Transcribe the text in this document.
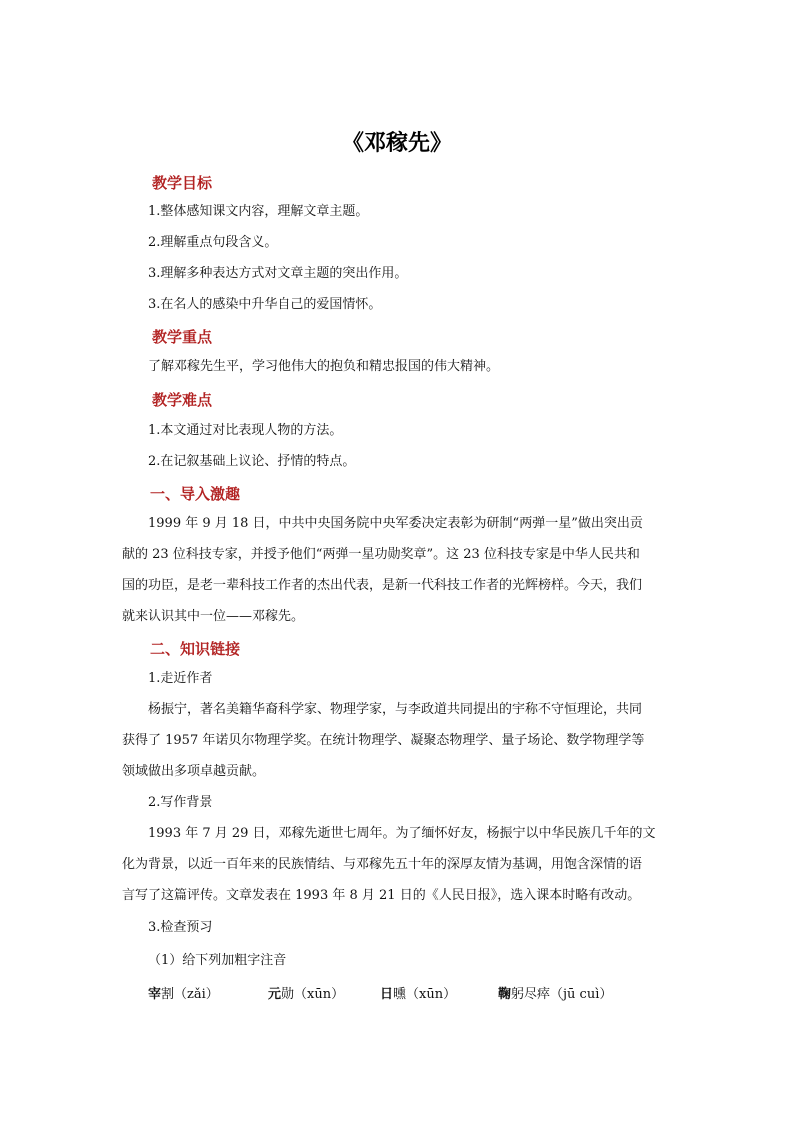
《邓稼先》
教学目标
1.整体感知课文内容，理解文章主题。
2.理解重点句段含义。
3.理解多种表达方式对文章主题的突出作用。
3.在名人的感染中升华自己的爱国情怀。
教学重点
了解邓稼先生平，学习他伟大的抱负和精忠报国的伟大精神。
教学难点
1.本文通过对比表现人物的方法。
2.在记叙基础上议论、抒情的特点。
一、导入激趣
1999 年 9 月 18 日，中共中央国务院中央军委决定表彰为研制“两弹一星”做出突出贡
献的 23 位科技专家，并授予他们“两弹一星功勋奖章”。这 23 位科技专家是中华人民共和
国的功臣，是老一辈科技工作者的杰出代表，是新一代科技工作者的光辉榜样。今天，我们
就来认识其中一位——邓稼先。
二、知识链接
1.走近作者
杨振宁，著名美籍华裔科学家、物理学家，与李政道共同提出的宇称不守恒理论，共同
获得了 1957 年诺贝尔物理学奖。在统计物理学、凝聚态物理学、量子场论、数学物理学等
领域做出多项卓越贡献。
2.写作背景
1993 年 7 月 29 日，邓稼先逝世七周年。为了缅怀好友，杨振宁以中华民族几千年的文
化为背景，以近一百年来的民族情结、与邓稼先五十年的深厚友情为基调，用饱含深情的语
言写了这篇评传。文章发表在 1993 年 8 月 21 日的《人民日报》，选入课本时略有改动。
3.检查预习
（1）给下列加粗字注音
宰割（zǎi）	元勋（xūn）	日曛（xūn）	鞠躬尽瘁（jū cuì）
